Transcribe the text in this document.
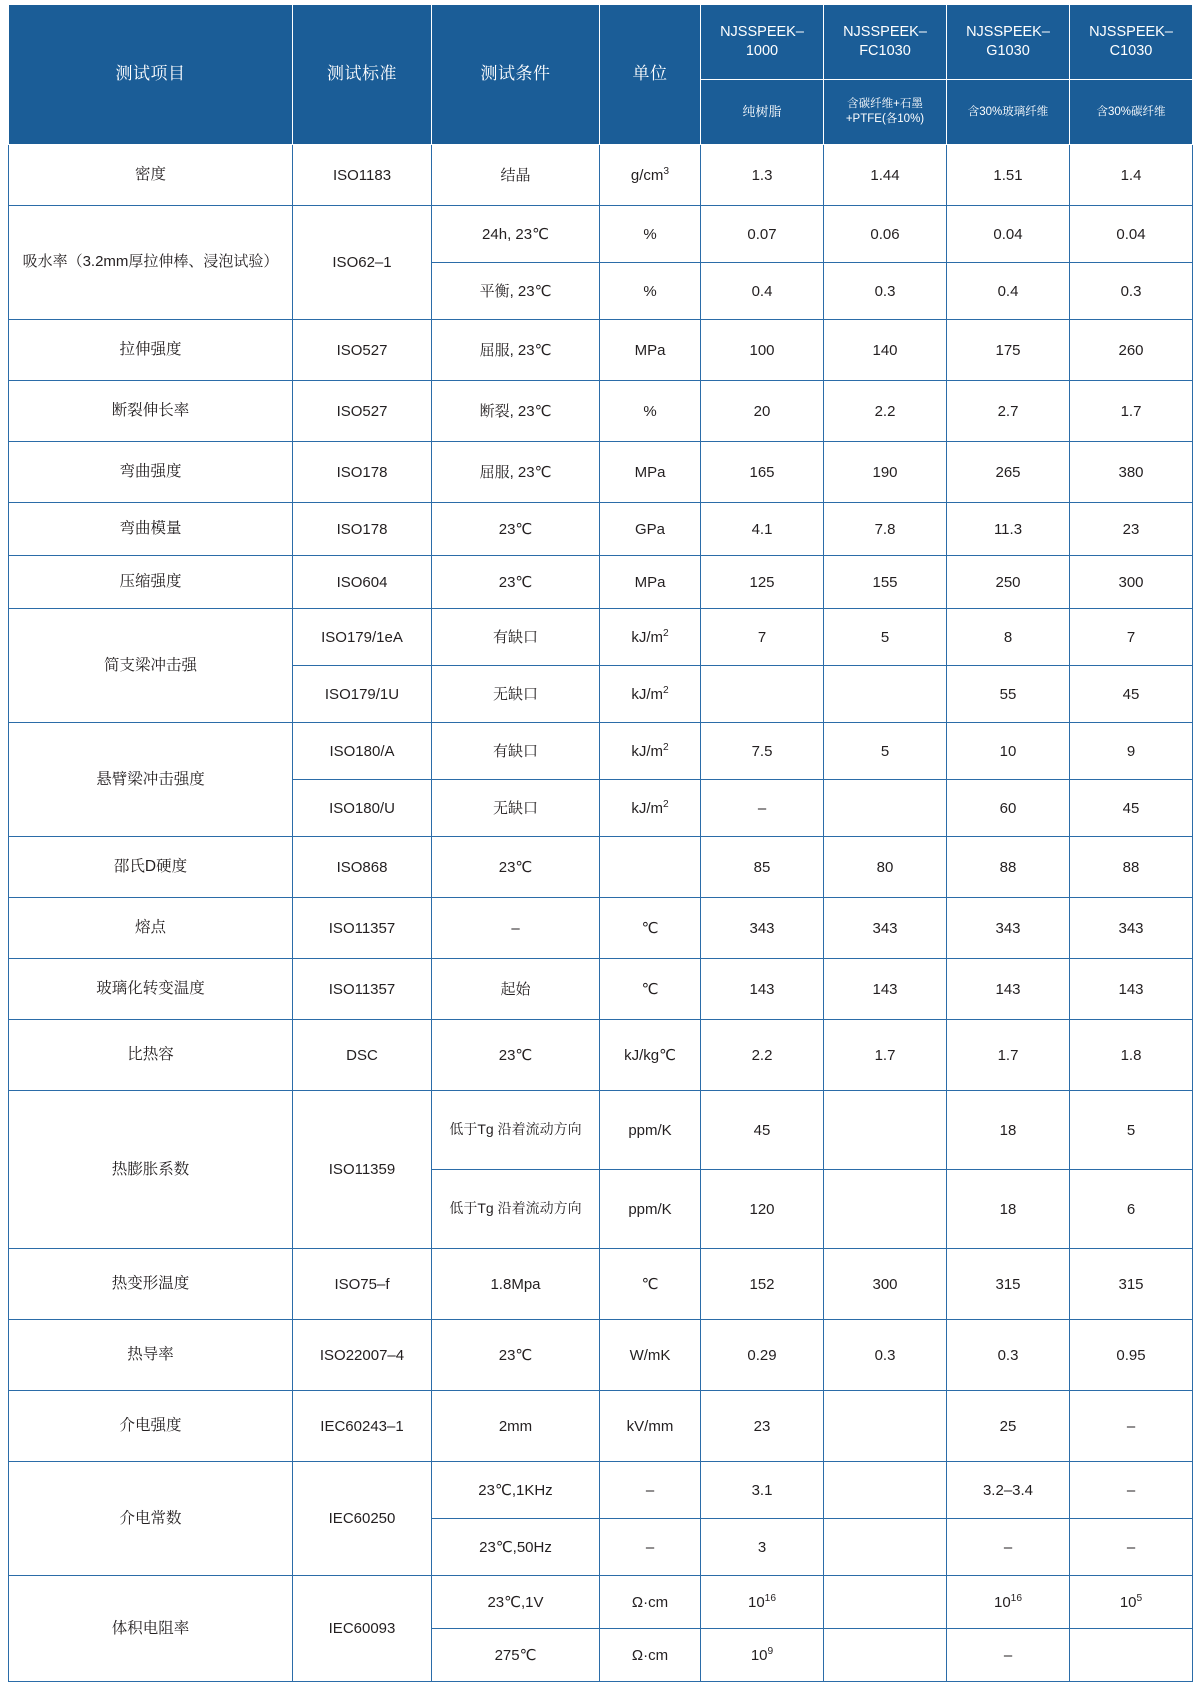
测试项目	测试标准	测试条件	单位	NJSSPEEK–1000	NJSSPEEK–FC1030	NJSSPEEK–G1030	NJSSPEEK–C1030
				纯树脂	含碳纤维+石墨+PTFE(各10%)	含30%玻璃纤维	含30%碳纤维
密度	ISO1183	结晶	$g/cm^3$	1.3	1.44	1.51	1.4
吸水率（3.2mm厚拉伸棒、浸泡试验）	ISO62–1	24h, 23℃	%	0.07	0.06	0.04	0.04
		平衡, 23℃	%	0.4	0.3	0.4	0.3
拉伸强度	ISO527	屈服, 23℃	MPa	100	140	175	260
断裂伸长率	ISO527	断裂, 23℃	%	20	2.2	2.7	1.7
弯曲强度	ISO178	屈服, 23℃	MPa	165	190	265	380
弯曲模量	ISO178	23℃	GPa	4.1	7.8	11.3	23
压缩强度	ISO604	23℃	MPa	125	155	250	300
简支梁冲击强	ISO179/1eA	有缺口	$kJ/m^2$	7	5	8	7
	ISO179/1U	无缺口	$kJ/m^2$			55	45
悬臂梁冲击强度	ISO180/A	有缺口	$kJ/m^2$	7.5	5	10	9
	ISO180/U	无缺口	$kJ/m^2$	–		60	45
邵氏D硬度	ISO868	23℃		85	80	88	88
熔点	ISO11357	–	℃	343	343	343	343
玻璃化转变温度	ISO11357	起始	℃	143	143	143	143
比热容	DSC	23℃	kJ/kg℃	2.2	1.7	1.7	1.8
热膨胀系数	ISO11359	低于Tg 沿着流动方向	ppm/K	45		18	5
		低于Tg 沿着流动方向	ppm/K	120		18	6
热变形温度	ISO75–f	1.8Mpa	℃	152	300	315	315
热导率	ISO22007–4	23℃	W/mK	0.29	0.3	0.3	0.95
介电强度	IEC60243–1	2mm	kV/mm	23		25	–
介电常数	IEC60250	23℃,1KHz	–	3.1		3.2–3.4	–
		23℃,50Hz	–	3		–	–
体积电阻率	IEC60093	23℃,1V	Ω·cm	$10^{16}$		$10^{16}$	$10^5$
		275℃	Ω·cm	$10^9$		–	
